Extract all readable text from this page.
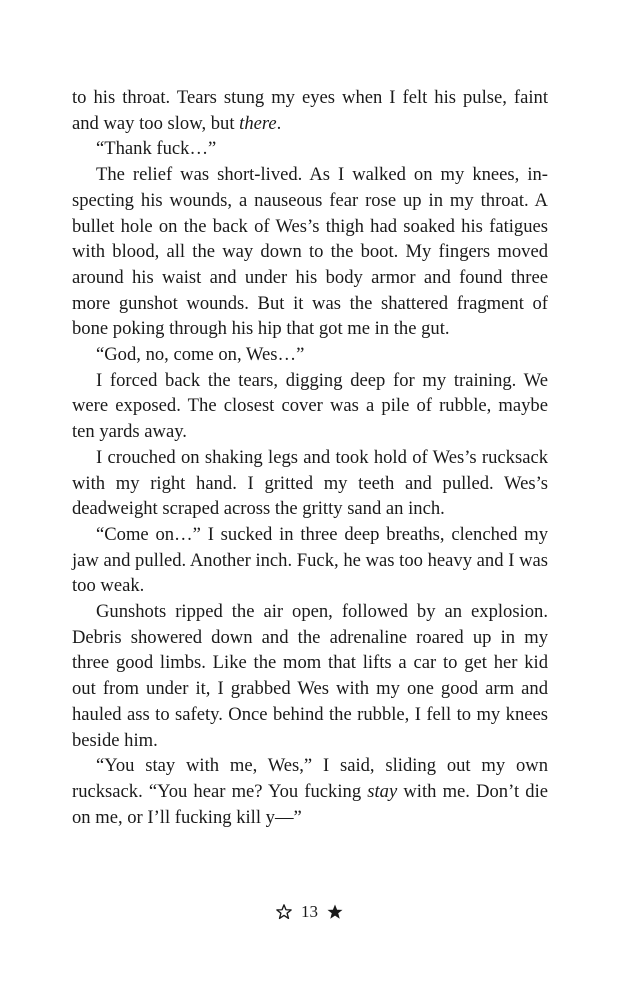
to his throat. Tears stung my eyes when I felt his pulse, faint and way too slow, but there.

“Thank fuck…”

The relief was short-lived. As I walked on my knees, inspecting his wounds, a nauseous fear rose up in my throat. A bullet hole on the back of Wes’s thigh had soaked his fatigues with blood, all the way down to the boot. My fingers moved around his waist and under his body armor and found three more gunshot wounds. But it was the shattered fragment of bone poking through his hip that got me in the gut.

“God, no, come on, Wes…”

I forced back the tears, digging deep for my training. We were exposed. The closest cover was a pile of rubble, maybe ten yards away.

I crouched on shaking legs and took hold of Wes’s rucksack with my right hand. I gritted my teeth and pulled. Wes’s deadweight scraped across the gritty sand an inch.

“Come on…” I sucked in three deep breaths, clenched my jaw and pulled. Another inch. Fuck, he was too heavy and I was too weak.

Gunshots ripped the air open, followed by an explosion. Debris showered down and the adrenaline roared up in my three good limbs. Like the mom that lifts a car to get her kid out from under it, I grabbed Wes with my one good arm and hauled ass to safety. Once behind the rubble, I fell to my knees beside him.

“You stay with me, Wes,” I said, sliding out my own rucksack. “You hear me? You fucking stay with me. Don’t die on me, or I’ll fucking kill y—”

13
